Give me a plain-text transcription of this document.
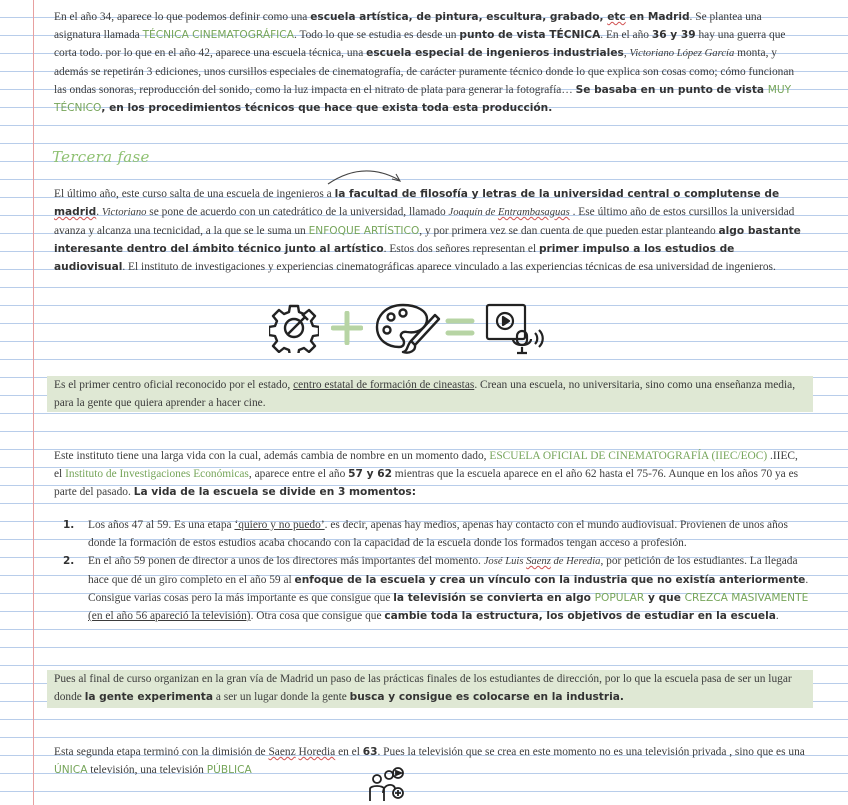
En el año 34, aparece lo que podemos definir como una escuela artística, de pintura, escultura, grabado, etc en Madrid. Se plantea una asignatura llamada TÉCNICA CINEMATOGRÁFICA. Todo lo que se estudia es desde un punto de vista TÉCNICA. En el año 36 y 39 hay una guerra que corta todo. por lo que en el año 42, aparece una escuela técnica, una escuela especial de ingenieros industriales, Victoriano López García monta, y además se repetirán 3 ediciones, unos cursillos especiales de cinematografía, de carácter puramente técnico donde lo que explica son cosas como; cómo funcionan las ondas sonoras, reproducción del sonido, como la luz impacta en el nitrato de plata para generar la fotografía… Se basaba en un punto de vista MUY TÉCNICO, en los procedimientos técnicos que hace que exista toda esta producción.
Tercera fase
El último año, este curso salta de una escuela de ingenieros a la facultad de filosofía y letras de la universidad central o complutense de madrid. Victoriano se pone de acuerdo con un catedrático de la universidad, llamado Joaquín de Entrambasaguas . Ese último año de estos cursillos la universidad avanza y alcanza una tecnicidad, a la que se le suma un ENFOQUE ARTÍSTICO, y por primera vez se dan cuenta de que pueden estar planteando algo bastante interesante dentro del ámbito técnico junto al artístico. Estos dos señores representan el primer impulso a los estudios de audiovisual. El instituto de investigaciones y experiencias cinematográficas aparece vinculado a las experiencias técnicas de esa universidad de ingenieros.
Es el primer centro oficial reconocido por el estado, centro estatal de formación de cineastas. Crean una escuela, no universitaria, sino como una enseñanza media, para la gente que quiera aprender a hacer cine.
Este instituto tiene una larga vida con la cual, además cambia de nombre en un momento dado, ESCUELA OFICIAL DE CINEMATOGRAFÍA (IIEC/EOC) .IIEC, el Instituto de Investigaciones Económicas, aparece entre el año 57 y 62 mientras que la escuela aparece en el año 62 hasta el 75-76. Aunque en los años 70 ya es parte del pasado. La vida de la escuela se divide en 3 momentos:
1. Los años 47 al 59. Es una etapa ‘quiero y no puedo’. es decir, apenas hay medios, apenas hay contacto con el mundo audiovisual. Provienen de unos años donde la formación de estos estudios acaba chocando con la capacidad de la escuela donde los formados tengan acceso a profesión.
2. En el año 59 ponen de director a unos de los directores más importantes del momento. José Luis Saenz de Heredia, por petición de los estudiantes. La llegada hace que dé un giro completo en el año 59 al enfoque de la escuela y crea un vínculo con la industria que no existía anteriormente. Consigue varias cosas pero la más importante es que consigue que la televisión se convierta en algo POPULAR y que CREZCA MASIVAMENTE (en el año 56 apareció la televisión). Otra cosa que consigue que cambie toda la estructura, los objetivos de estudiar en la escuela.
Pues al final de curso organizan en la gran vía de Madrid un paso de las prácticas finales de los estudiantes de dirección, por lo que la escuela pasa de ser un lugar donde la gente experimenta a ser un lugar donde la gente busca y consigue es colocarse en la industria.
Esta segunda etapa terminó con la dimisión de Saenz Horedia en el 63. Pues la televisión que se crea en este momento no es una televisión privada , sino que es una ÚNICA televisión, una televisión PÚBLICA
